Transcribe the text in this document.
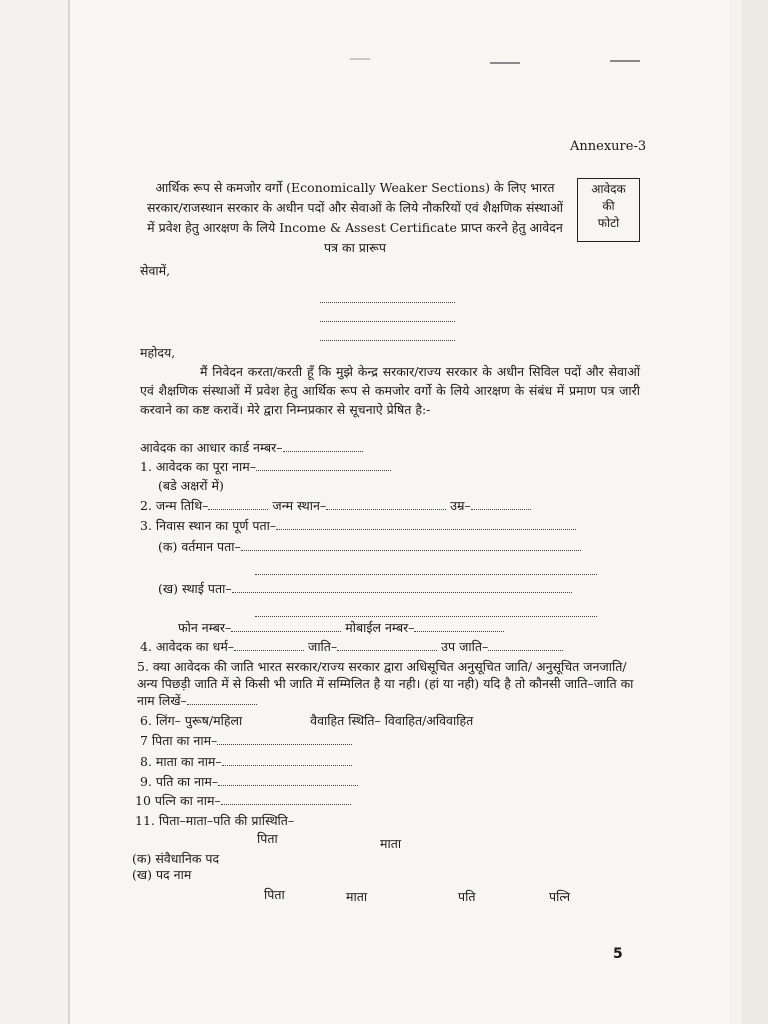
Annexure-3
आर्थिक रूप से कमजोर वर्गो (Economically Weaker Sections) के लिए भारत सरकार/राजस्थान सरकार के अधीन पदों और सेवाओं के लिये नौकरियों एवं शैक्षणिक संस्थाओं में प्रवेश हेतु आरक्षण के लिये Income & Assest Certificate प्राप्त करने हेतु आवेदन पत्र का प्रारूप
आवेदक
की
फोटो
सेवामें,
महोदय,
मैं निवेदन करता/करती हूँ कि मुझे केन्द्र सरकार/राज्य सरकार के अधीन सिविल पदों और सेवाओं एवं शैक्षणिक संस्थाओं में प्रवेश हेतु आर्थिक रूप से कमजोर वर्गो के लिये आरक्षण के संबंध में प्रमाण पत्र जारी करवाने का कष्ट करावें। मेरे द्वारा निम्नप्रकार से सूचनाऐ प्रेषित है:-
आवेदक का आधार कार्ड नम्बर–
1. आवेदक का पूरा नाम–
(बडे अक्षरों में)
2. जन्म तिथि–	जन्म स्थान–	उम्र–
3. निवास स्थान का पूर्ण पता–
(क) वर्तमान पता–
(ख) स्थाई पता–
फोन नम्बर–	मोबाईल नम्बर–
4. आवेदक का धर्म–	जाति–	उप जाति–
5. क्या आवेदक की जाति भारत सरकार/राज्य सरकार द्वारा अधिसूचित अनुसूचित जाति/ अनुसूचित जनजाति/अन्य पिछड़ी जाति में से किसी भी जाति में सम्मिलित है या नही। (हां या नही) यदि है तो कौनसी जाति–जाति का नाम लिखें–
6. लिंग– पुरूष/महिला	वैवाहित स्थिति– विवाहित/अविवाहित
7 पिता का नाम–
8. माता का नाम–
9. पति का नाम–
10 पत्नि का नाम–
11. पिता–माता–पति की प्रास्थिति–
पिता	माता
(क) संवैधानिक पद
(ख) पद नाम
पिता	माता	पति	पत्नि
5
